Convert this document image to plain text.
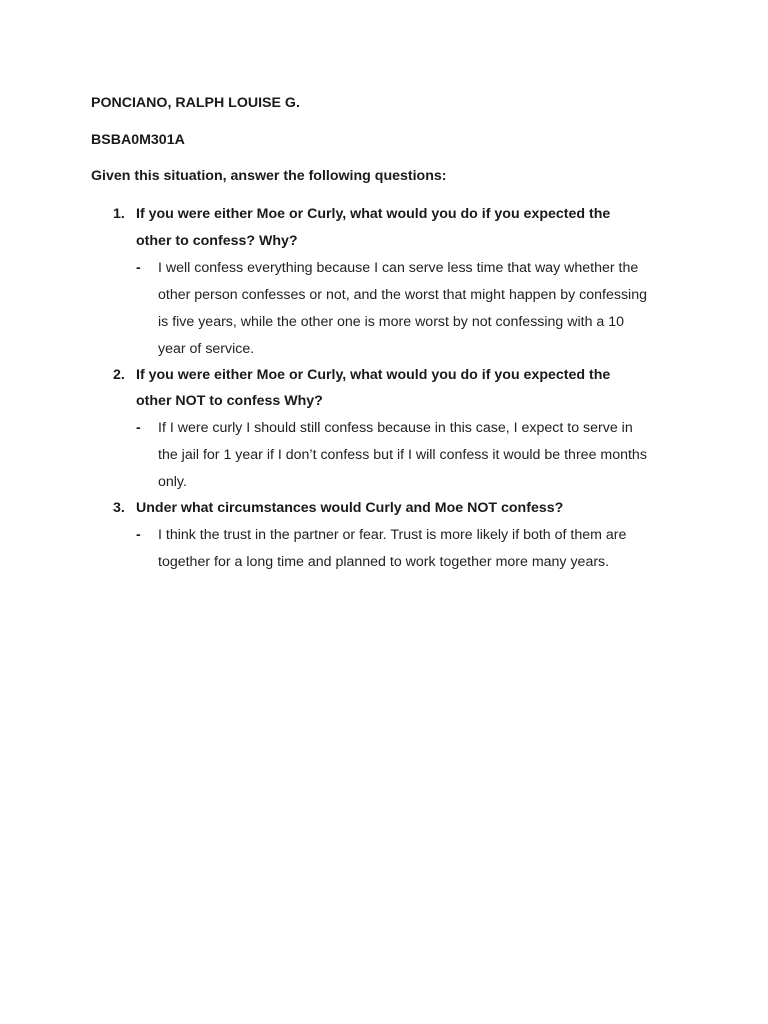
PONCIANO, RALPH LOUISE G.
BSBA0M301A
Given this situation, answer the following questions:
1. If you were either Moe or Curly, what would you do if you expected the
other to confess? Why?
- I well confess everything because I can serve less time that way whether the
other person confesses or not, and the worst that might happen by confessing
is five years, while the other one is more worst by not confessing with a 10
year of service.
2. If you were either Moe or Curly, what would you do if you expected the
other NOT to confess Why?
- If I were curly I should still confess because in this case, I expect to serve in
the jail for 1 year if I don’t confess but if I will confess it would be three months
only.
3. Under what circumstances would Curly and Moe NOT confess?
- I think the trust in the partner or fear. Trust is more likely if both of them are
together for a long time and planned to work together more many years.
